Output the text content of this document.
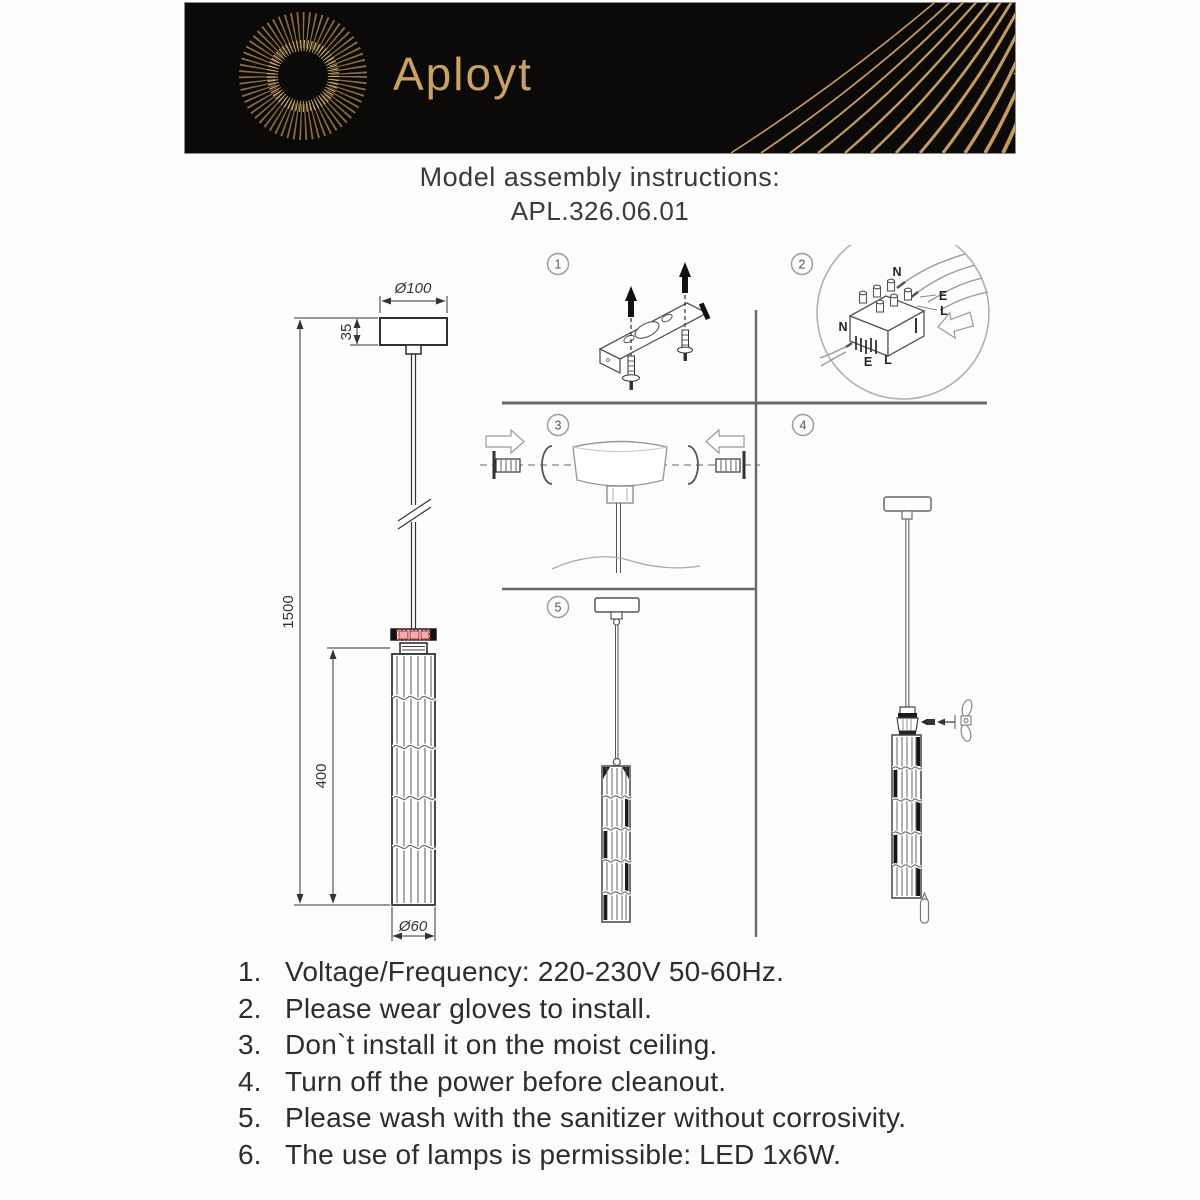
Aployt
Model assembly instructions:
APL.326.06.01
1	2
3	4
5
Ø100
35
1500
400
Ø60
N
E
L
N
E L
1. Voltage/Frequency: 220-230V 50-60Hz.
2. Please wear gloves to install.
3. Don`t install it on the moist ceiling.
4. Turn off the power before cleanout.
5. Please wash with the sanitizer without corrosivity.
6. The use of lamps is permissible: LED 1x6W.
